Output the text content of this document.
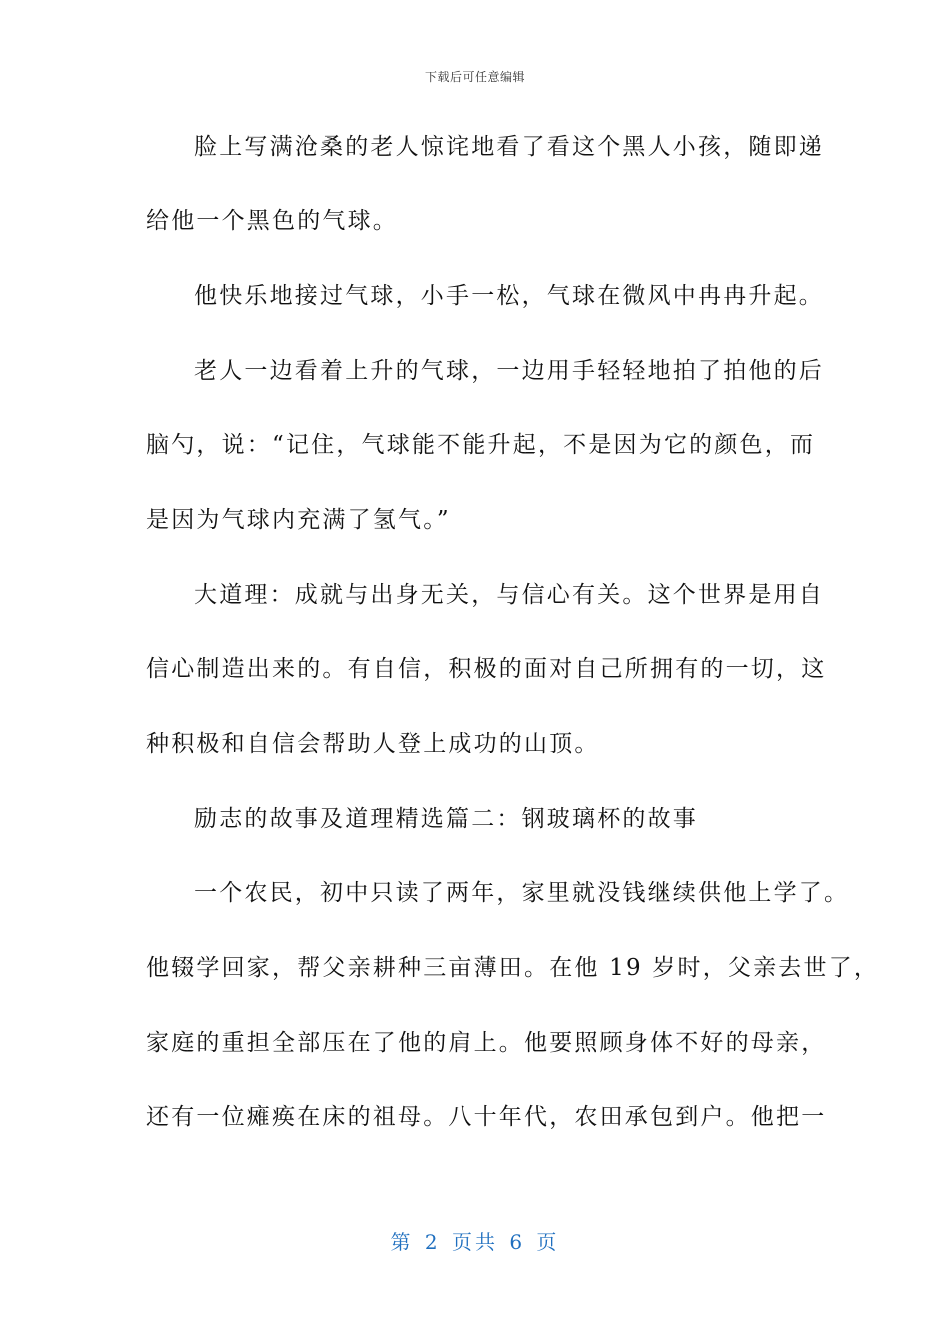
下载后可任意编辑
脸上写满沧桑的老人惊诧地看了看这个黑人小孩，随即递
给他一个黑色的气球。
他快乐地接过气球，小手一松，气球在微风中冉冉升起。
老人一边看着上升的气球，一边用手轻轻地拍了拍他的后
脑勺，说：“记住，气球能不能升起，不是因为它的颜色，而
是因为气球内充满了氢气。”
大道理：成就与出身无关，与信心有关。这个世界是用自
信心制造出来的。有自信，积极的面对自己所拥有的一切，这
种积极和自信会帮助人登上成功的山顶。
励志的故事及道理精选篇二：钢玻璃杯的故事
一个农民，初中只读了两年，家里就没钱继续供他上学了。
他辍学回家，帮父亲耕种三亩薄田。在他 19 岁时，父亲去世了，
家庭的重担全部压在了他的肩上。他要照顾身体不好的母亲，
还有一位瘫痪在床的祖母。八十年代，农田承包到户。他把一
第 2 页共 6 页
